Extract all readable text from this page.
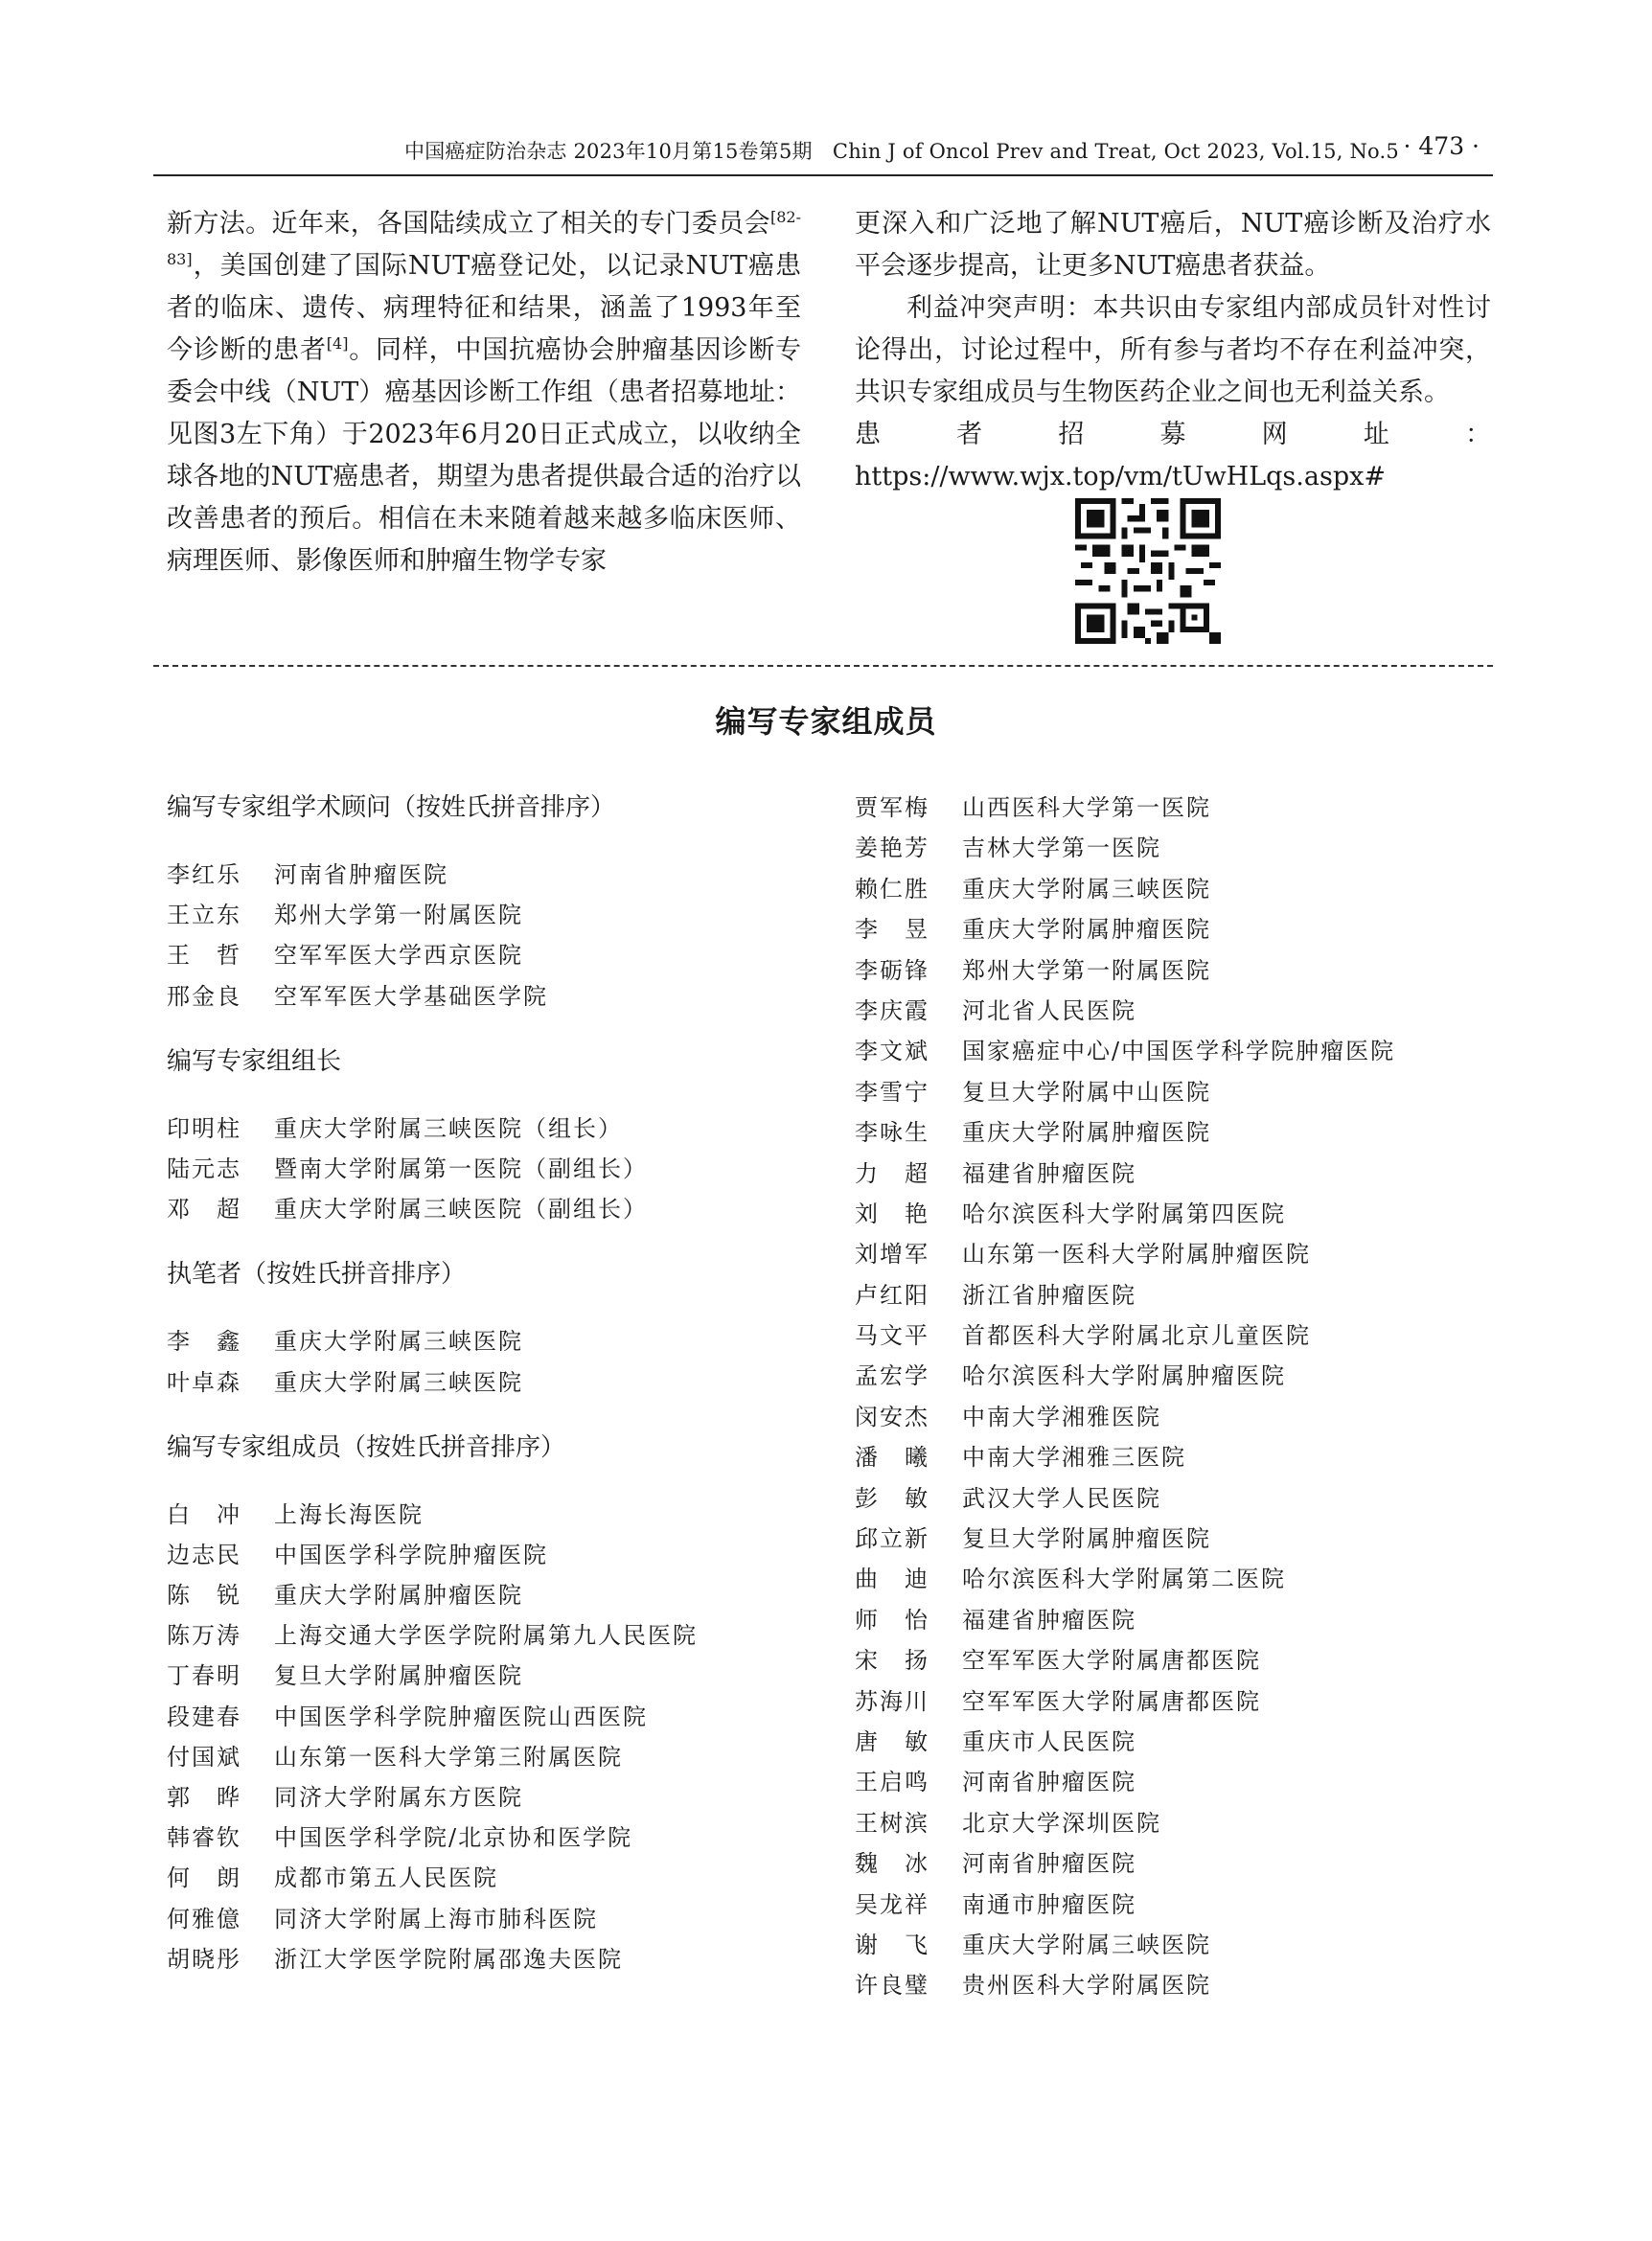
中国癌症防治杂志 2023年10月第15卷第5期　Chin J of Oncol Prev and Treat, Oct 2023, Vol.15, No.5 · 473 ·
新方法。近年来，各国陆续成立了相关的专门委员会[82-83]，美国创建了国际NUT癌登记处，以记录NUT癌患者的临床、遗传、病理特征和结果，涵盖了1993年至今诊断的患者[4]。同样，中国抗癌协会肿瘤基因诊断专委会中线（NUT）癌基因诊断工作组（患者招募地址：见图3左下角）于2023年6月20日正式成立，以收纳全球各地的NUT癌患者，期望为患者提供最合适的治疗以改善患者的预后。相信在未来随着越来越多临床医师、病理医师、影像医师和肿瘤生物学专家

更深入和广泛地了解NUT癌后，NUT癌诊断及治疗水平会逐步提高，让更多NUT癌患者获益。

利益冲突声明：本共识由专家组内部成员针对性讨论得出，讨论过程中，所有参与者均不存在利益冲突，共识专家组成员与生物医药企业之间也无利益关系。

患者招募网址：https://www.wjx.top/vm/tUwHLqs.aspx#

编写专家组成员
编写专家组学术顾问（按姓氏拼音排序）
李红乐 河南省肿瘤医院
王立东 郑州大学第一附属医院
王　哲 空军军医大学西京医院
邢金良 空军军医大学基础医学院
编写专家组组长
印明柱 重庆大学附属三峡医院（组长）
陆元志 暨南大学附属第一医院（副组长）
邓　超 重庆大学附属三峡医院（副组长）
执笔者（按姓氏拼音排序）
李　鑫 重庆大学附属三峡医院
叶卓森 重庆大学附属三峡医院
编写专家组成员（按姓氏拼音排序）
白　冲 上海长海医院
边志民 中国医学科学院肿瘤医院
陈　锐 重庆大学附属肿瘤医院
陈万涛 上海交通大学医学院附属第九人民医院
丁春明 复旦大学附属肿瘤医院
段建春 中国医学科学院肿瘤医院山西医院
付国斌 山东第一医科大学第三附属医院
郭　晔 同济大学附属东方医院
韩睿钦 中国医学科学院/北京协和医学院
何　朗 成都市第五人民医院
何雅億 同济大学附属上海市肺科医院
胡晓彤 浙江大学医学院附属邵逸夫医院
贾军梅 山西医科大学第一医院
姜艳芳 吉林大学第一医院
赖仁胜 重庆大学附属三峡医院
李　昱 重庆大学附属肿瘤医院
李砺锋 郑州大学第一附属医院
李庆霞 河北省人民医院
李文斌 国家癌症中心/中国医学科学院肿瘤医院
李雪宁 复旦大学附属中山医院
李咏生 重庆大学附属肿瘤医院
力　超 福建省肿瘤医院
刘　艳 哈尔滨医科大学附属第四医院
刘增军 山东第一医科大学附属肿瘤医院
卢红阳 浙江省肿瘤医院
马文平 首都医科大学附属北京儿童医院
孟宏学 哈尔滨医科大学附属肿瘤医院
闵安杰 中南大学湘雅医院
潘　曦 中南大学湘雅三医院
彭　敏 武汉大学人民医院
邱立新 复旦大学附属肿瘤医院
曲　迪 哈尔滨医科大学附属第二医院
师　怡 福建省肿瘤医院
宋　扬 空军军医大学附属唐都医院
苏海川 空军军医大学附属唐都医院
唐　敏 重庆市人民医院
王启鸣 河南省肿瘤医院
王树滨 北京大学深圳医院
魏　冰 河南省肿瘤医院
吴龙祥 南通市肿瘤医院
谢　飞 重庆大学附属三峡医院
许良璧 贵州医科大学附属医院
